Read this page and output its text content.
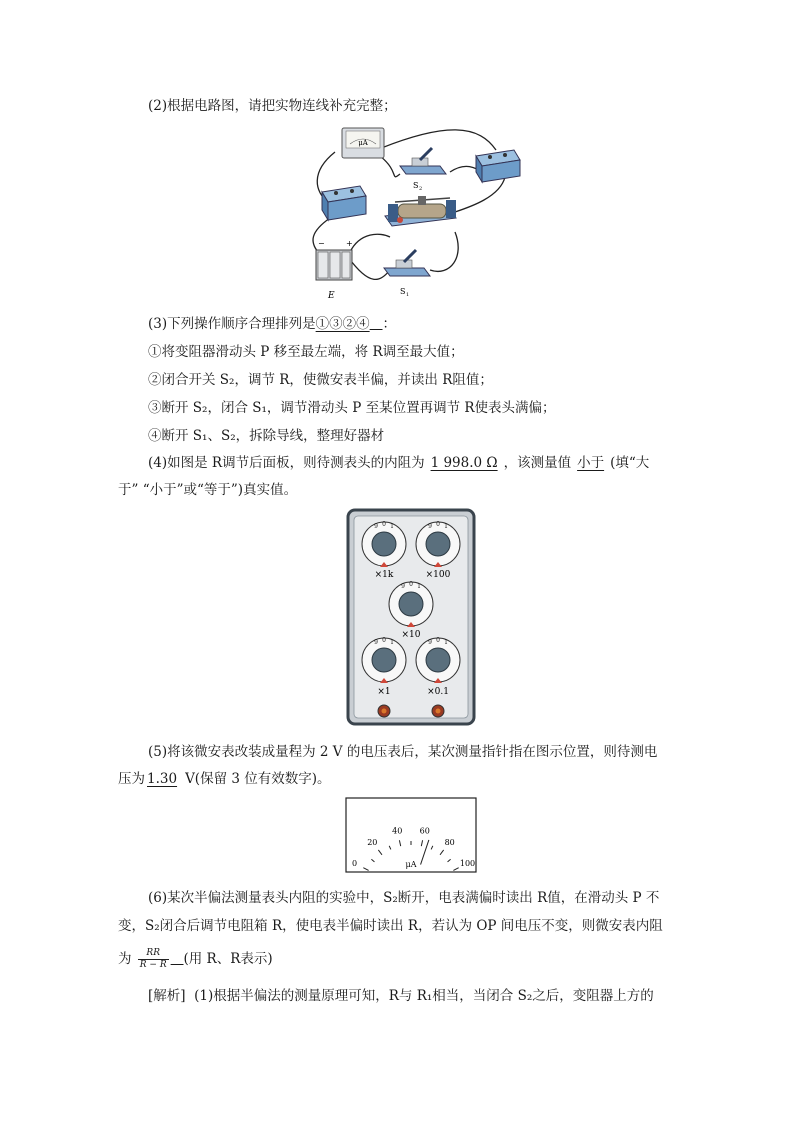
(2)根据电路图，请把实物连线补充完整；
μA
S 2
−	+
E	S 1
(3)下列操作顺序合理排列是①③②④ ：
①将变阻器滑动头 P 移至最左端，将 R调至最大值；
②闭合开关 S₂，调节 R，使微安表半偏，并读出 R阻值；
③断开 S₂，闭合 S₁，调节滑动头 P 至某位置再调节 R使表头满偏；
④断开 S₁、S₂，拆除导线，整理好器材
(4)如图是 R调节后面板，则待测表头的内阻为 1 998.0 Ω ，该测量值 小于 (填“大
于” “小于”或“等于”)真实值。
×1k	×100
×10
×1	×0.1
9 0 1	9 0 1
9 0 1
9 0 1	9 0 1
(5)将该微安表改装成量程为 2 V 的电压表后，某次测量指针指在图示位置，则待测电
压为 1.30 V(保留 3 位有效数字)。
0
20
40 60
80
100
μA
(6)某次半偏法测量表头内阻的实验中，S₂断开，电表满偏时读出 R值，在滑动头 P 不
变，S₂闭合后调节电阻箱 R，使电表半偏时读出 R，若认为 OP 间电压不变，则微安表内阻
为 $\frac{RR}{R - R}$ (用 R、R表示)
[解析] (1)根据半偏法的测量原理可知，R与 R₁相当，当闭合 S₂之后，变阻器上方的
